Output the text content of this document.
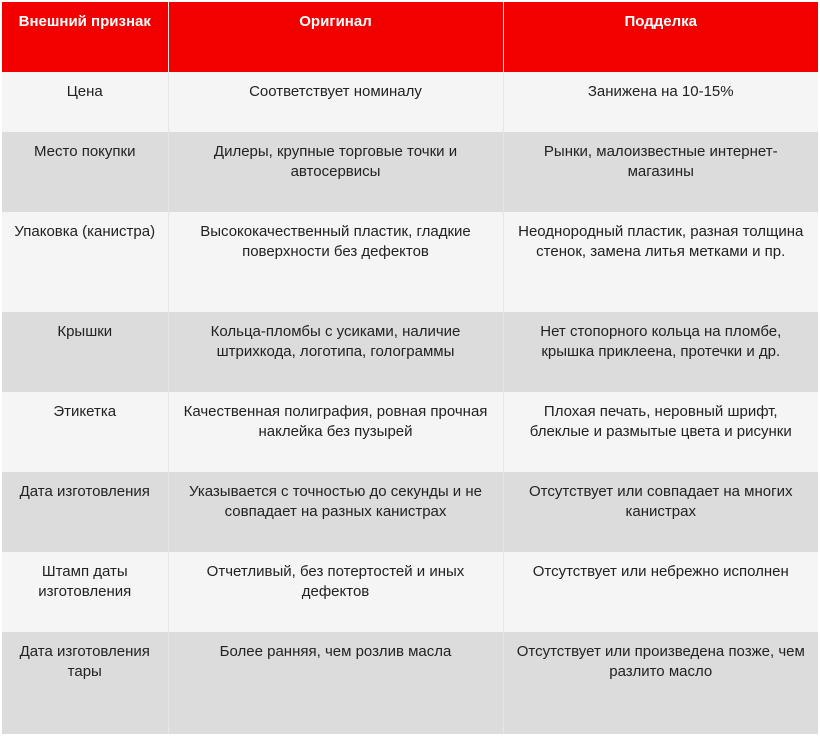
Внешний признак	Оригинал	Подделка
Цена	Соответствует номиналу	Занижена на 10-15%
Место покупки	Дилеры, крупные торговые точки и автосервисы	Рынки, малоизвестные интернет-магазины
Упаковка (канистра)	Высококачественный пластик, гладкие поверхности без дефектов	Неоднородный пластик, разная толщина стенок, замена литья метками и пр.
Крышки	Кольца-пломбы с усиками, наличие штрихкода, логотипа, голограммы	Нет стопорного кольца на пломбе, крышка приклеена, протечки и др.
Этикетка	Качественная полиграфия, ровная прочная наклейка без пузырей	Плохая печать, неровный шрифт, блеклые и размытые цвета и рисунки
Дата изготовления	Указывается с точностью до секунды и не совпадает на разных канистрах	Отсутствует или совпадает на многих канистрах
Штамп даты изготовления	Отчетливый, без потертостей и иных дефектов	Отсутствует или небрежно исполнен
Дата изготовления тары	Более ранняя, чем розлив масла	Отсутствует или произведена позже, чем разлито масло
